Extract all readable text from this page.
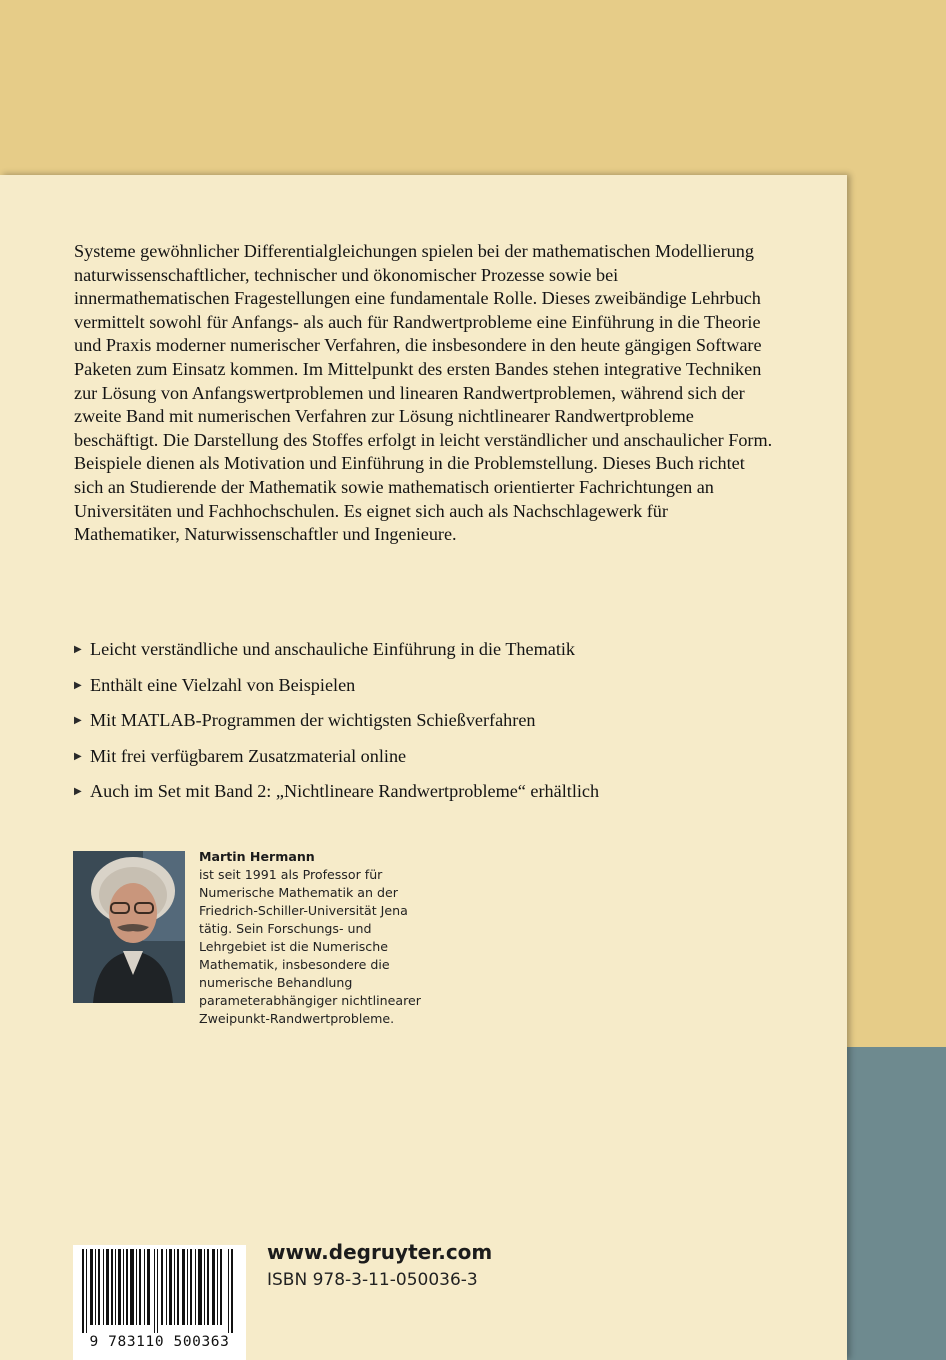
Systeme gewöhnlicher Differentialgleichungen spielen bei der mathematischen Modellierung naturwissenschaftlicher, technischer und ökonomischer Prozesse sowie bei innermathematischen Fragestellungen eine fundamentale Rolle. Dieses zweibändige Lehrbuch vermittelt sowohl für Anfangs- als auch für Randwertprobleme eine Einführung in die Theorie und Praxis moderner numerischer Verfahren, die insbesondere in den heute gängigen Software Paketen zum Einsatz kommen. Im Mittelpunkt des ersten Bandes stehen integrative Techniken zur Lösung von Anfangswertproblemen und linearen Randwertproblemen, während sich der zweite Band mit numerischen Verfahren zur Lösung nichtlinearer Randwertprobleme beschäftigt. Die Darstellung des Stoffes erfolgt in leicht verständlicher und anschaulicher Form. Beispiele dienen als Motivation und Einführung in die Problemstellung. Dieses Buch richtet sich an Studierende der Mathematik sowie mathematisch orientierter Fachrichtungen an Universitäten und Fachhochschulen. Es eignet sich auch als Nachschlagewerk für Mathematiker, Naturwissenschaftler und Ingenieure.

▶ Leicht verständliche und anschauliche Einführung in die Thematik
▶ Enthält eine Vielzahl von Beispielen
▶ Mit MATLAB-Programmen der wichtigsten Schießverfahren
▶ Mit frei verfügbarem Zusatzmaterial online
▶ Auch im Set mit Band 2: „Nichtlineare Randwertprobleme“ erhältlich

Martin Hermann

ist seit 1991 als Professor für Numerische Mathematik an der Friedrich-Schiller-Universität Jena tätig. Sein Forschungs- und Lehrgebiet ist die Numerische Mathematik, insbesondere die numerische Behandlung parameterabhängiger nichtlinearer Zweipunkt-Randwertprobleme.

9 783110 500363
www.degruyter.com
ISBN 978-3-11-050036-3
